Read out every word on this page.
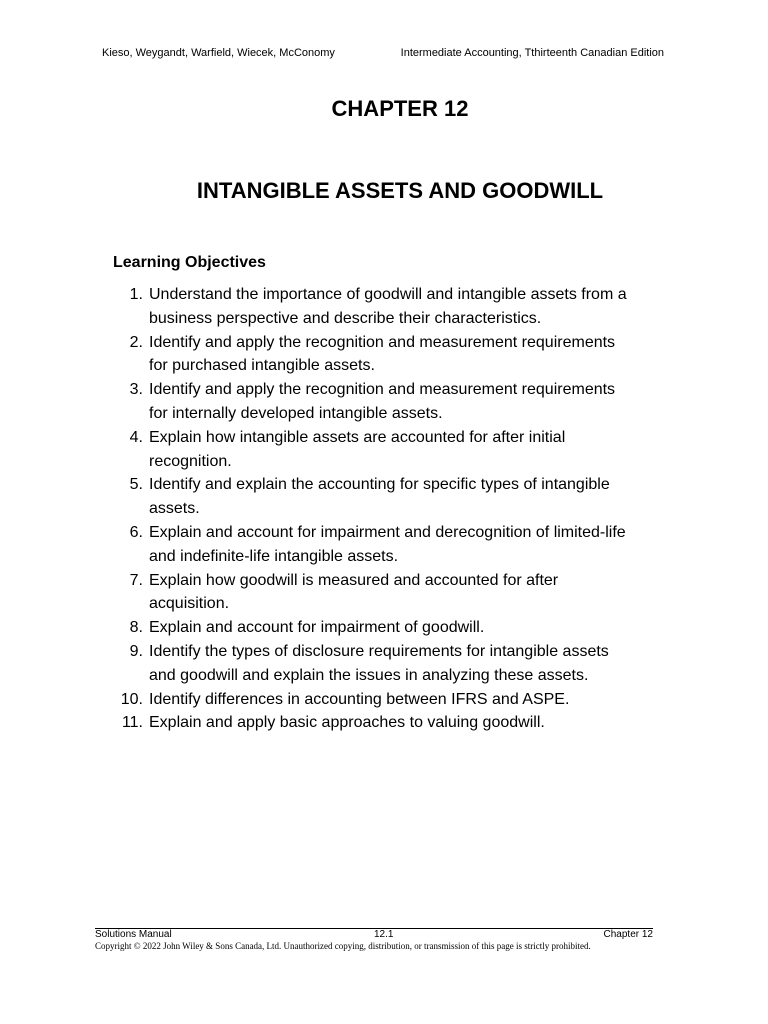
Kieso, Weygandt, Warfield, Wiecek, McConomy	Intermediate Accounting, Tthirteenth Canadian Edition
CHAPTER 12
INTANGIBLE ASSETS AND GOODWILL
Learning Objectives
1. Understand the importance of goodwill and intangible assets from a business perspective and describe their characteristics.
2. Identify and apply the recognition and measurement requirements for purchased intangible assets.
3. Identify and apply the recognition and measurement requirements for internally developed intangible assets.
4. Explain how intangible assets are accounted for after initial recognition.
5. Identify and explain the accounting for specific types of intangible assets.
6. Explain and account for impairment and derecognition of limited-life and indefinite-life intangible assets.
7. Explain how goodwill is measured and accounted for after acquisition.
8. Explain and account for impairment of goodwill.
9. Identify the types of disclosure requirements for intangible assets and goodwill and explain the issues in analyzing these assets.
10. Identify differences in accounting between IFRS and ASPE.
11. Explain and apply basic approaches to valuing goodwill.
Solutions Manual	12.1	Chapter 12
Copyright © 2022 John Wiley & Sons Canada, Ltd. Unauthorized copying, distribution, or transmission of this page is strictly prohibited.
